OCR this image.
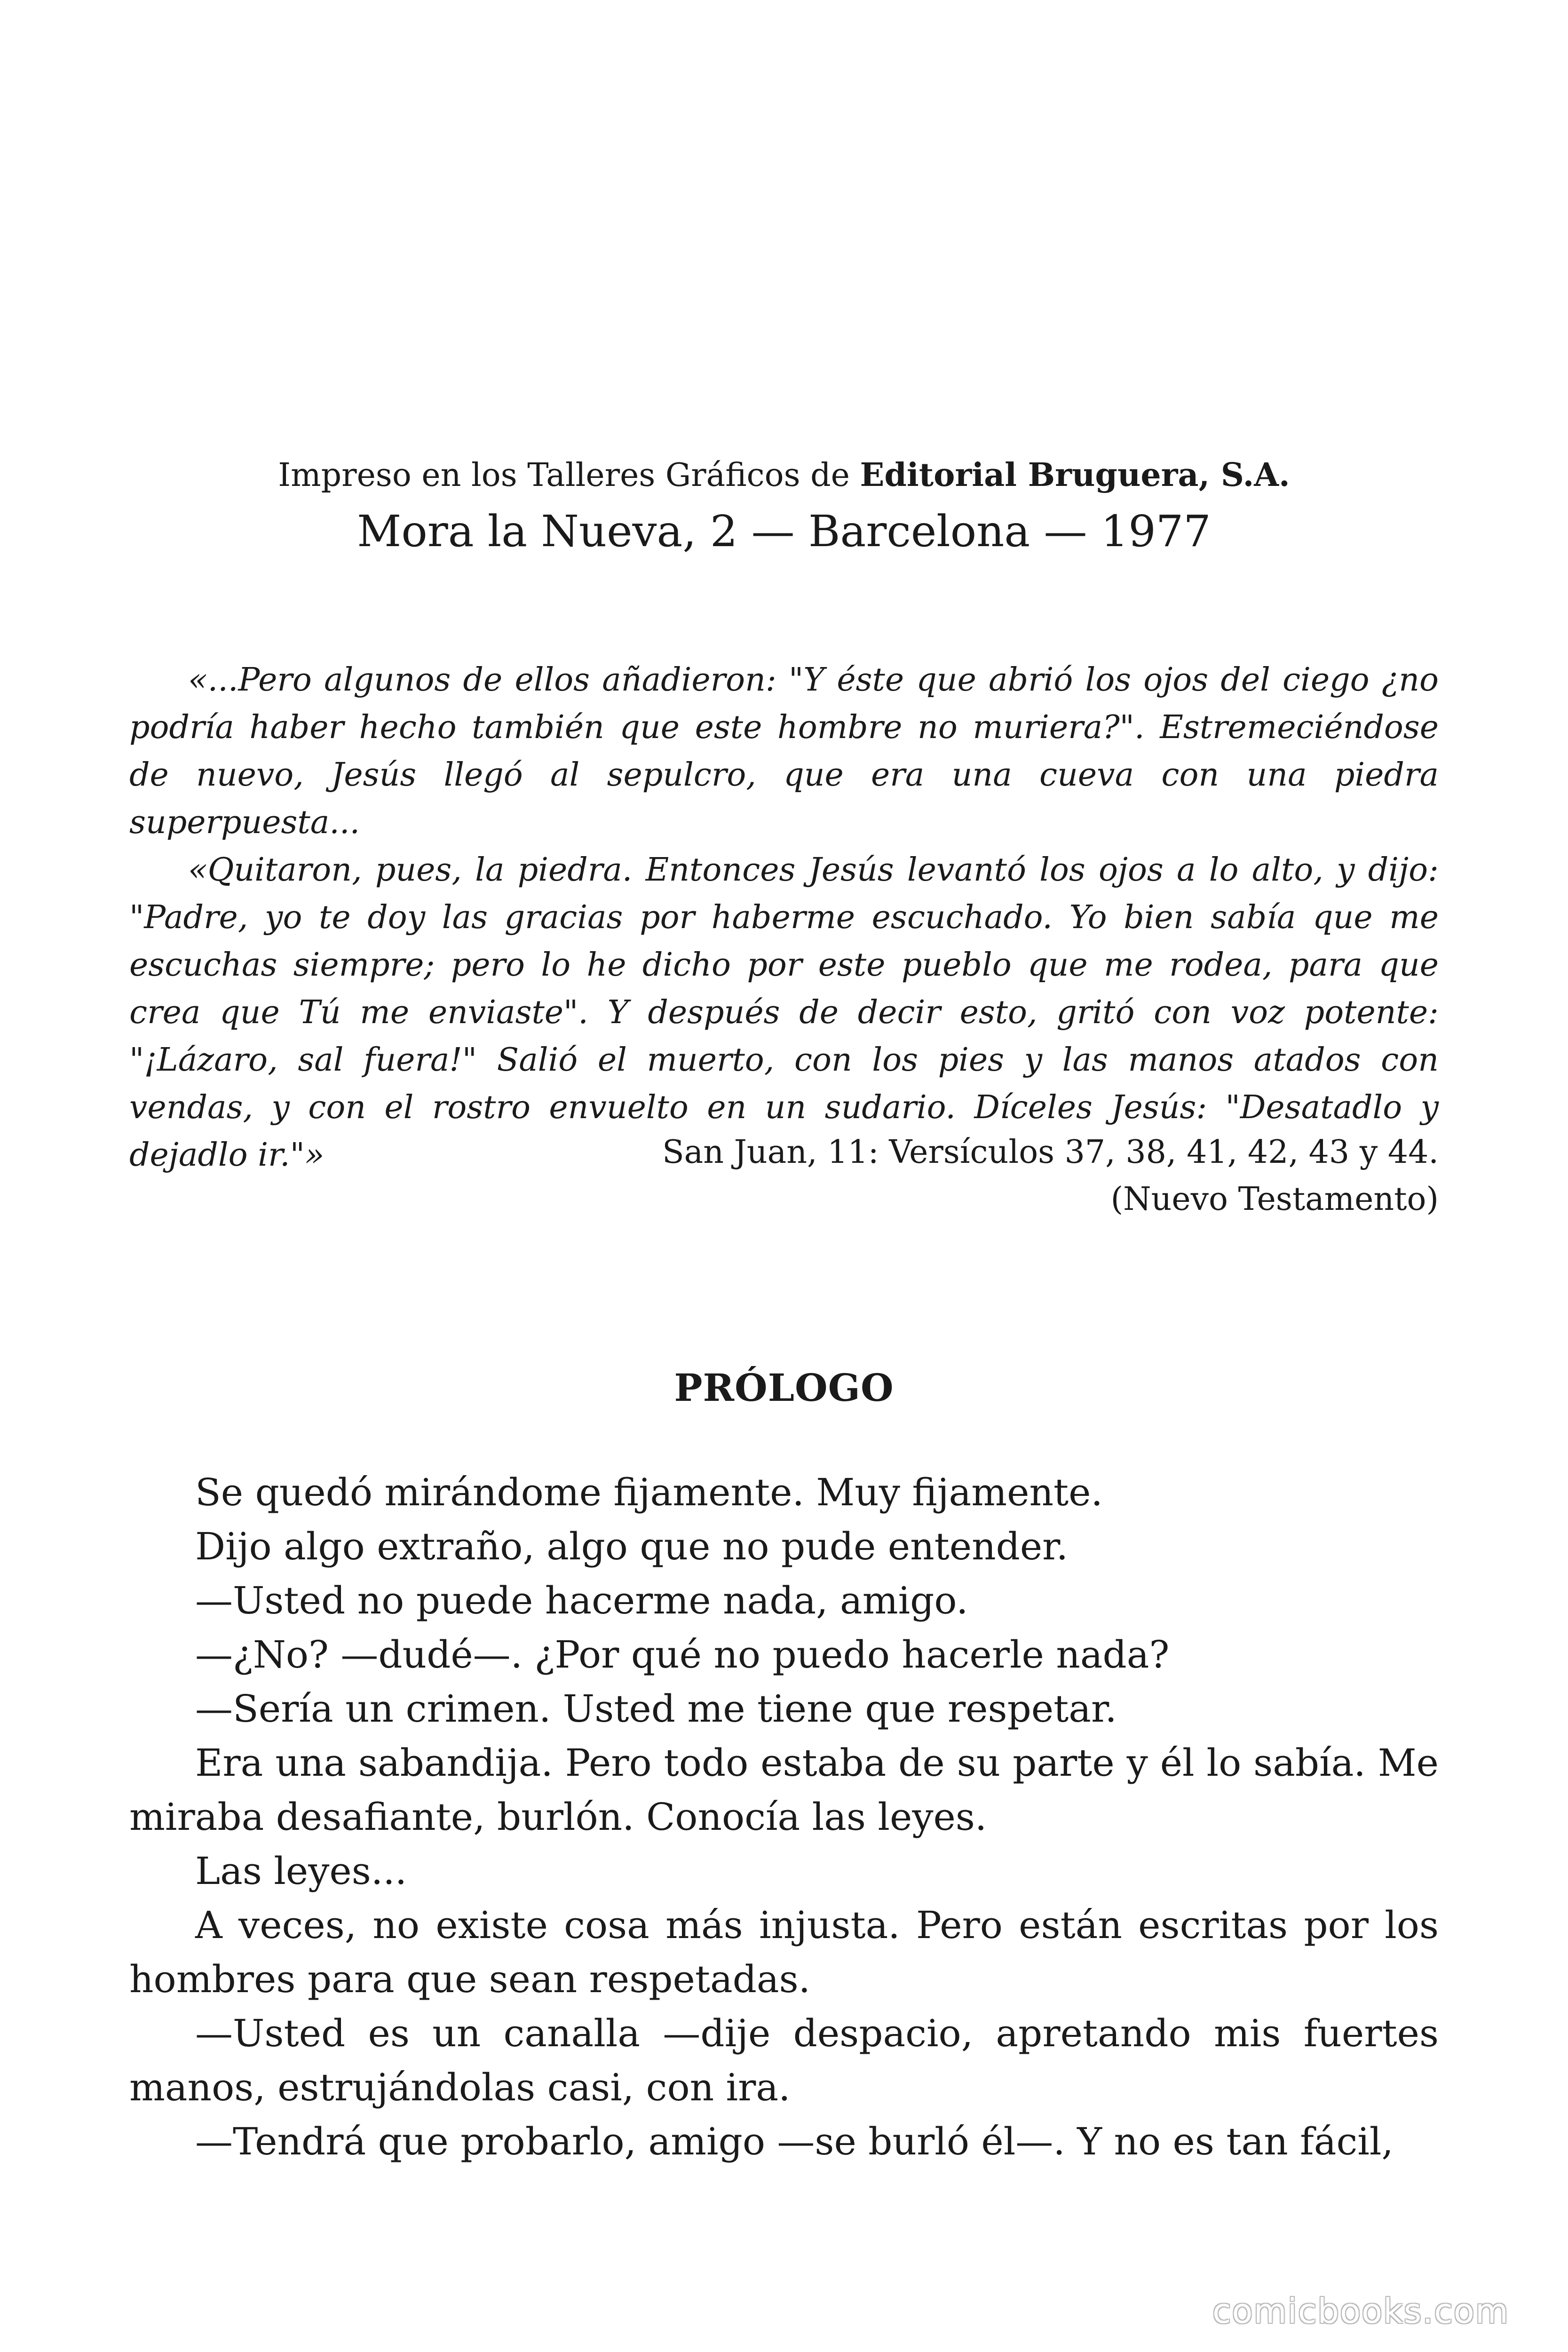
Impreso en los Talleres Gráficos de Editorial Bruguera, S.A.
Mora la Nueva, 2 — Barcelona — 1977

«...Pero algunos de ellos añadieron: "Y éste que abrió los ojos del ciego ¿no podría haber hecho también que este hombre no muriera?". Estremeciéndose de nuevo, Jesús llegó al sepulcro, que era una cueva con una piedra superpuesta...

«Quitaron, pues, la piedra. Entonces Jesús levantó los ojos a lo alto, y dijo: "Padre, yo te doy las gracias por haberme escuchado. Yo bien sabía que me escuchas siempre; pero lo he dicho por este pueblo que me rodea, para que crea que Tú me enviaste". Y después de decir esto, gritó con voz potente: "¡Lázaro, sal fuera!" Salió el muerto, con los pies y las manos atados con vendas, y con el rostro envuelto en un sudario. Díceles Jesús: "Desatadlo y dejadlo ir."»	San Juan, 11: Versículos 37, 38, 41, 42, 43 y 44.
(Nuevo Testamento)
PRÓLOGO

Se quedó mirándome fijamente. Muy fijamente.

Dijo algo extraño, algo que no pude entender.

—Usted no puede hacerme nada, amigo.

—¿No? —dudé—. ¿Por qué no puedo hacerle nada?

—Sería un crimen. Usted me tiene que respetar.

Era una sabandija. Pero todo estaba de su parte y él lo sabía. Me miraba desafiante, burlón. Conocía las leyes.

Las leyes...

A veces, no existe cosa más injusta. Pero están escritas por los hombres para que sean respetadas.

—Usted es un canalla —dije despacio, apretando mis fuertes manos, estrujándolas casi, con ira.

—Tendrá que probarlo, amigo —se burló él—. Y no es tan fácil,

comicbooks.com
